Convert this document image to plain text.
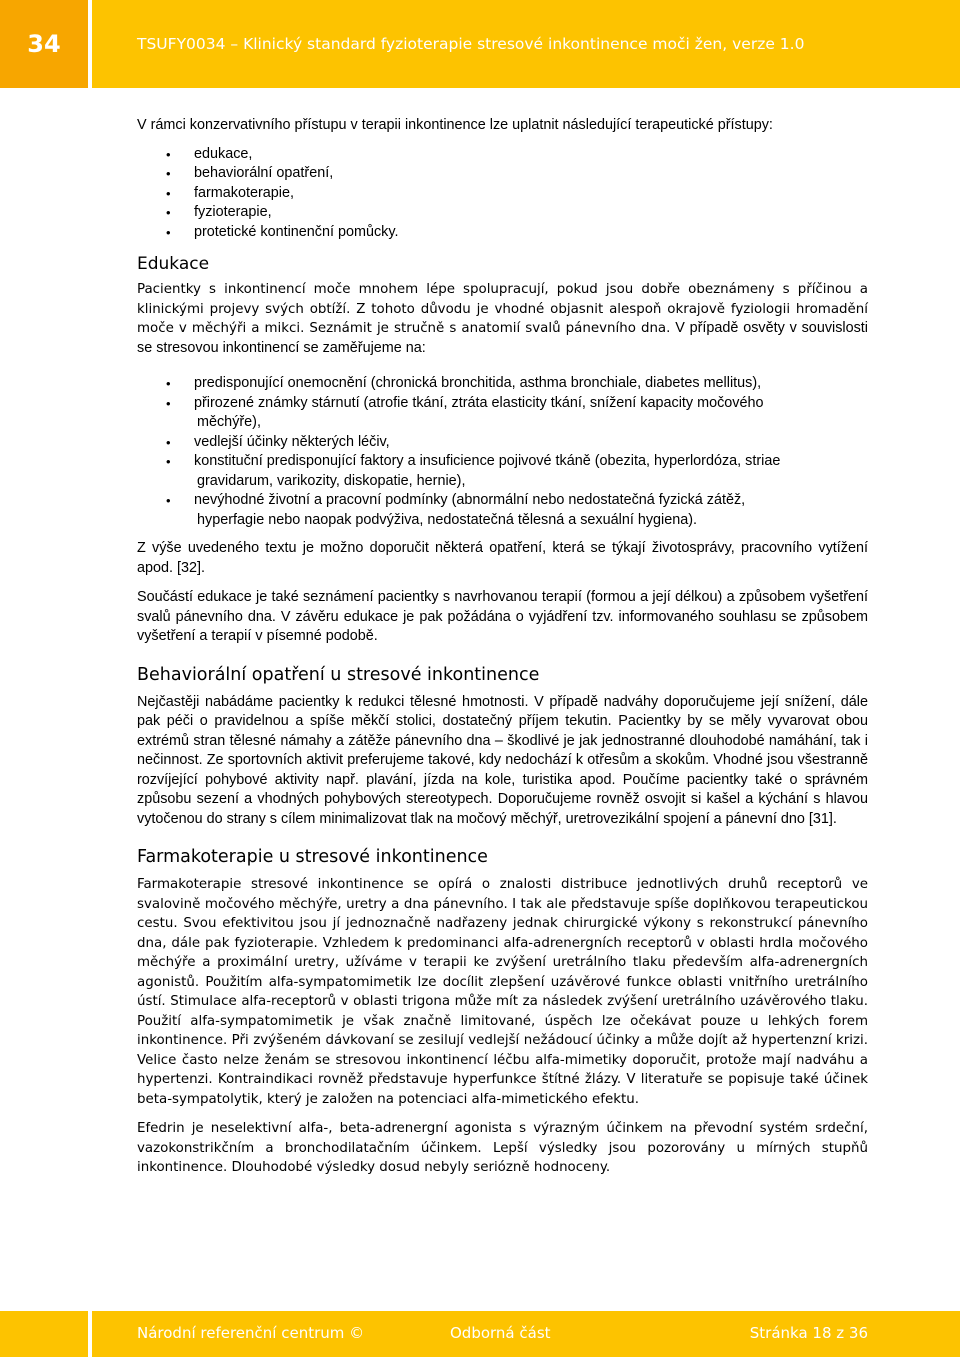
34	TSUFY0034 – Klinický standard fyzioterapie stresové inkontinence moči žen, verze 1.0

V rámci konzervativního přístupu v terapii inkontinence lze uplatnit následující terapeutické přístupy:

• edukace,
• behaviorální opatření,
• farmakoterapie,
• fyzioterapie,
• protetické kontinenční pomůcky.
Edukace

Pacientky s inkontinencí moče mnohem lépe spolupracují, pokud jsou dobře obeznámeny s příčinou a klinickými projevy svých obtíží. Z tohoto důvodu je vhodné objasnit alespoň okrajově fyziologii hromadění moče v měchýři a mikci. Seznámit je stručně s anatomií svalů pánevního dna. V případě osvěty v souvislosti se stresovou inkontinencí se zaměřujeme na:

• predisponující onemocnění (chronická bronchitida, asthma bronchiale, diabetes mellitus),
• přirozené známky stárnutí (atrofie tkání, ztráta elasticity tkání, snížení kapacity močového
měchýře),
• vedlejší účinky některých léčiv,
• konstituční predisponující faktory a insuficience pojivové tkáně (obezita, hyperlordóza, striae
gravidarum, varikozity, diskopatie, hernie),
• nevýhodné životní a pracovní podmínky (abnormální nebo nedostatečná fyzická zátěž,
hyperfagie nebo naopak podvýživa, nedostatečná tělesná a sexuální hygiena).

Z výše uvedeného textu je možno doporučit některá opatření, která se týkají životosprávy, pracovního vytížení apod. [32].

Součástí edukace je také seznámení pacientky s navrhovanou terapií (formou a její délkou) a způsobem vyšetření svalů pánevního dna. V závěru edukace je pak požádána o vyjádření tzv. informovaného souhlasu se způsobem vyšetření a terapií v písemné podobě.

Behaviorální opatření u stresové inkontinence

Nejčastěji nabádáme pacientky k redukci tělesné hmotnosti. V případě nadváhy doporučujeme její snížení, dále pak péči o pravidelnou a spíše měkčí stolici, dostatečný příjem tekutin. Pacientky by se měly vyvarovat obou extrémů stran tělesné námahy a zátěže pánevního dna – škodlivé je jak jednostranné dlouhodobé namáhání, tak i nečinnost. Ze sportovních aktivit preferujeme takové, kdy nedochází k otřesům a skokům. Vhodné jsou všestranně rozvíjející pohybové aktivity např. plavání, jízda na kole, turistika apod. Poučíme pacientky také o správném způsobu sezení a vhodných pohybových stereotypech. Doporučujeme rovněž osvojit si kašel a kýchání s hlavou vytočenou do strany s cílem minimalizovat tlak na močový měchýř, uretrovezikální spojení a pánevní dno [31].

Farmakoterapie u stresové inkontinence

Farmakoterapie stresové inkontinence se opírá o znalosti distribuce jednotlivých druhů receptorů ve svalovině močového měchýře, uretry a dna pánevního. I tak ale představuje spíše doplňkovou terapeutickou cestu. Svou efektivitou jsou jí jednoznačně nadřazeny jednak chirurgické výkony s rekonstrukcí pánevního dna, dále pak fyzioterapie. Vzhledem k predominanci alfa-adrenergních receptorů v oblasti hrdla močového měchýře a proximální uretry, užíváme v terapii ke zvýšení uretrálního tlaku především alfa-adrenergních agonistů. Použitím alfa-sympatomimetik lze docílit zlepšení uzávěrové funkce oblasti vnitřního uretrálního ústí. Stimulace alfa-receptorů v oblasti trigona může mít za následek zvýšení uretrálního uzávěrového tlaku. Použití alfa-sympatomimetik je však značně limitované, úspěch lze očekávat pouze u lehkých forem inkontinence. Při zvýšeném dávkovaní se zesilují vedlejší nežádoucí účinky a může dojít až hypertenzní krizi. Velice často nelze ženám se stresovou inkontinencí léčbu alfa-mimetiky doporučit, protože mají nadváhu a hypertenzi. Kontraindikaci rovněž představuje hyperfunkce štítné žlázy. V literatuře se popisuje také účinek beta-sympatolytik, který je založen na potenciaci alfa-mimetického efektu.

Efedrin je neselektivní alfa-, beta-adrenergní agonista s výrazným účinkem na převodní systém srdeční, vazokonstrikčním a bronchodilatačním účinkem. Lepší výsledky jsou pozorovány u mírných stupňů inkontinence. Dlouhodobé výsledky dosud nebyly seriózně hodnoceny.

Národní referenční centrum ©	Odborná část	Stránka 18 z 36
